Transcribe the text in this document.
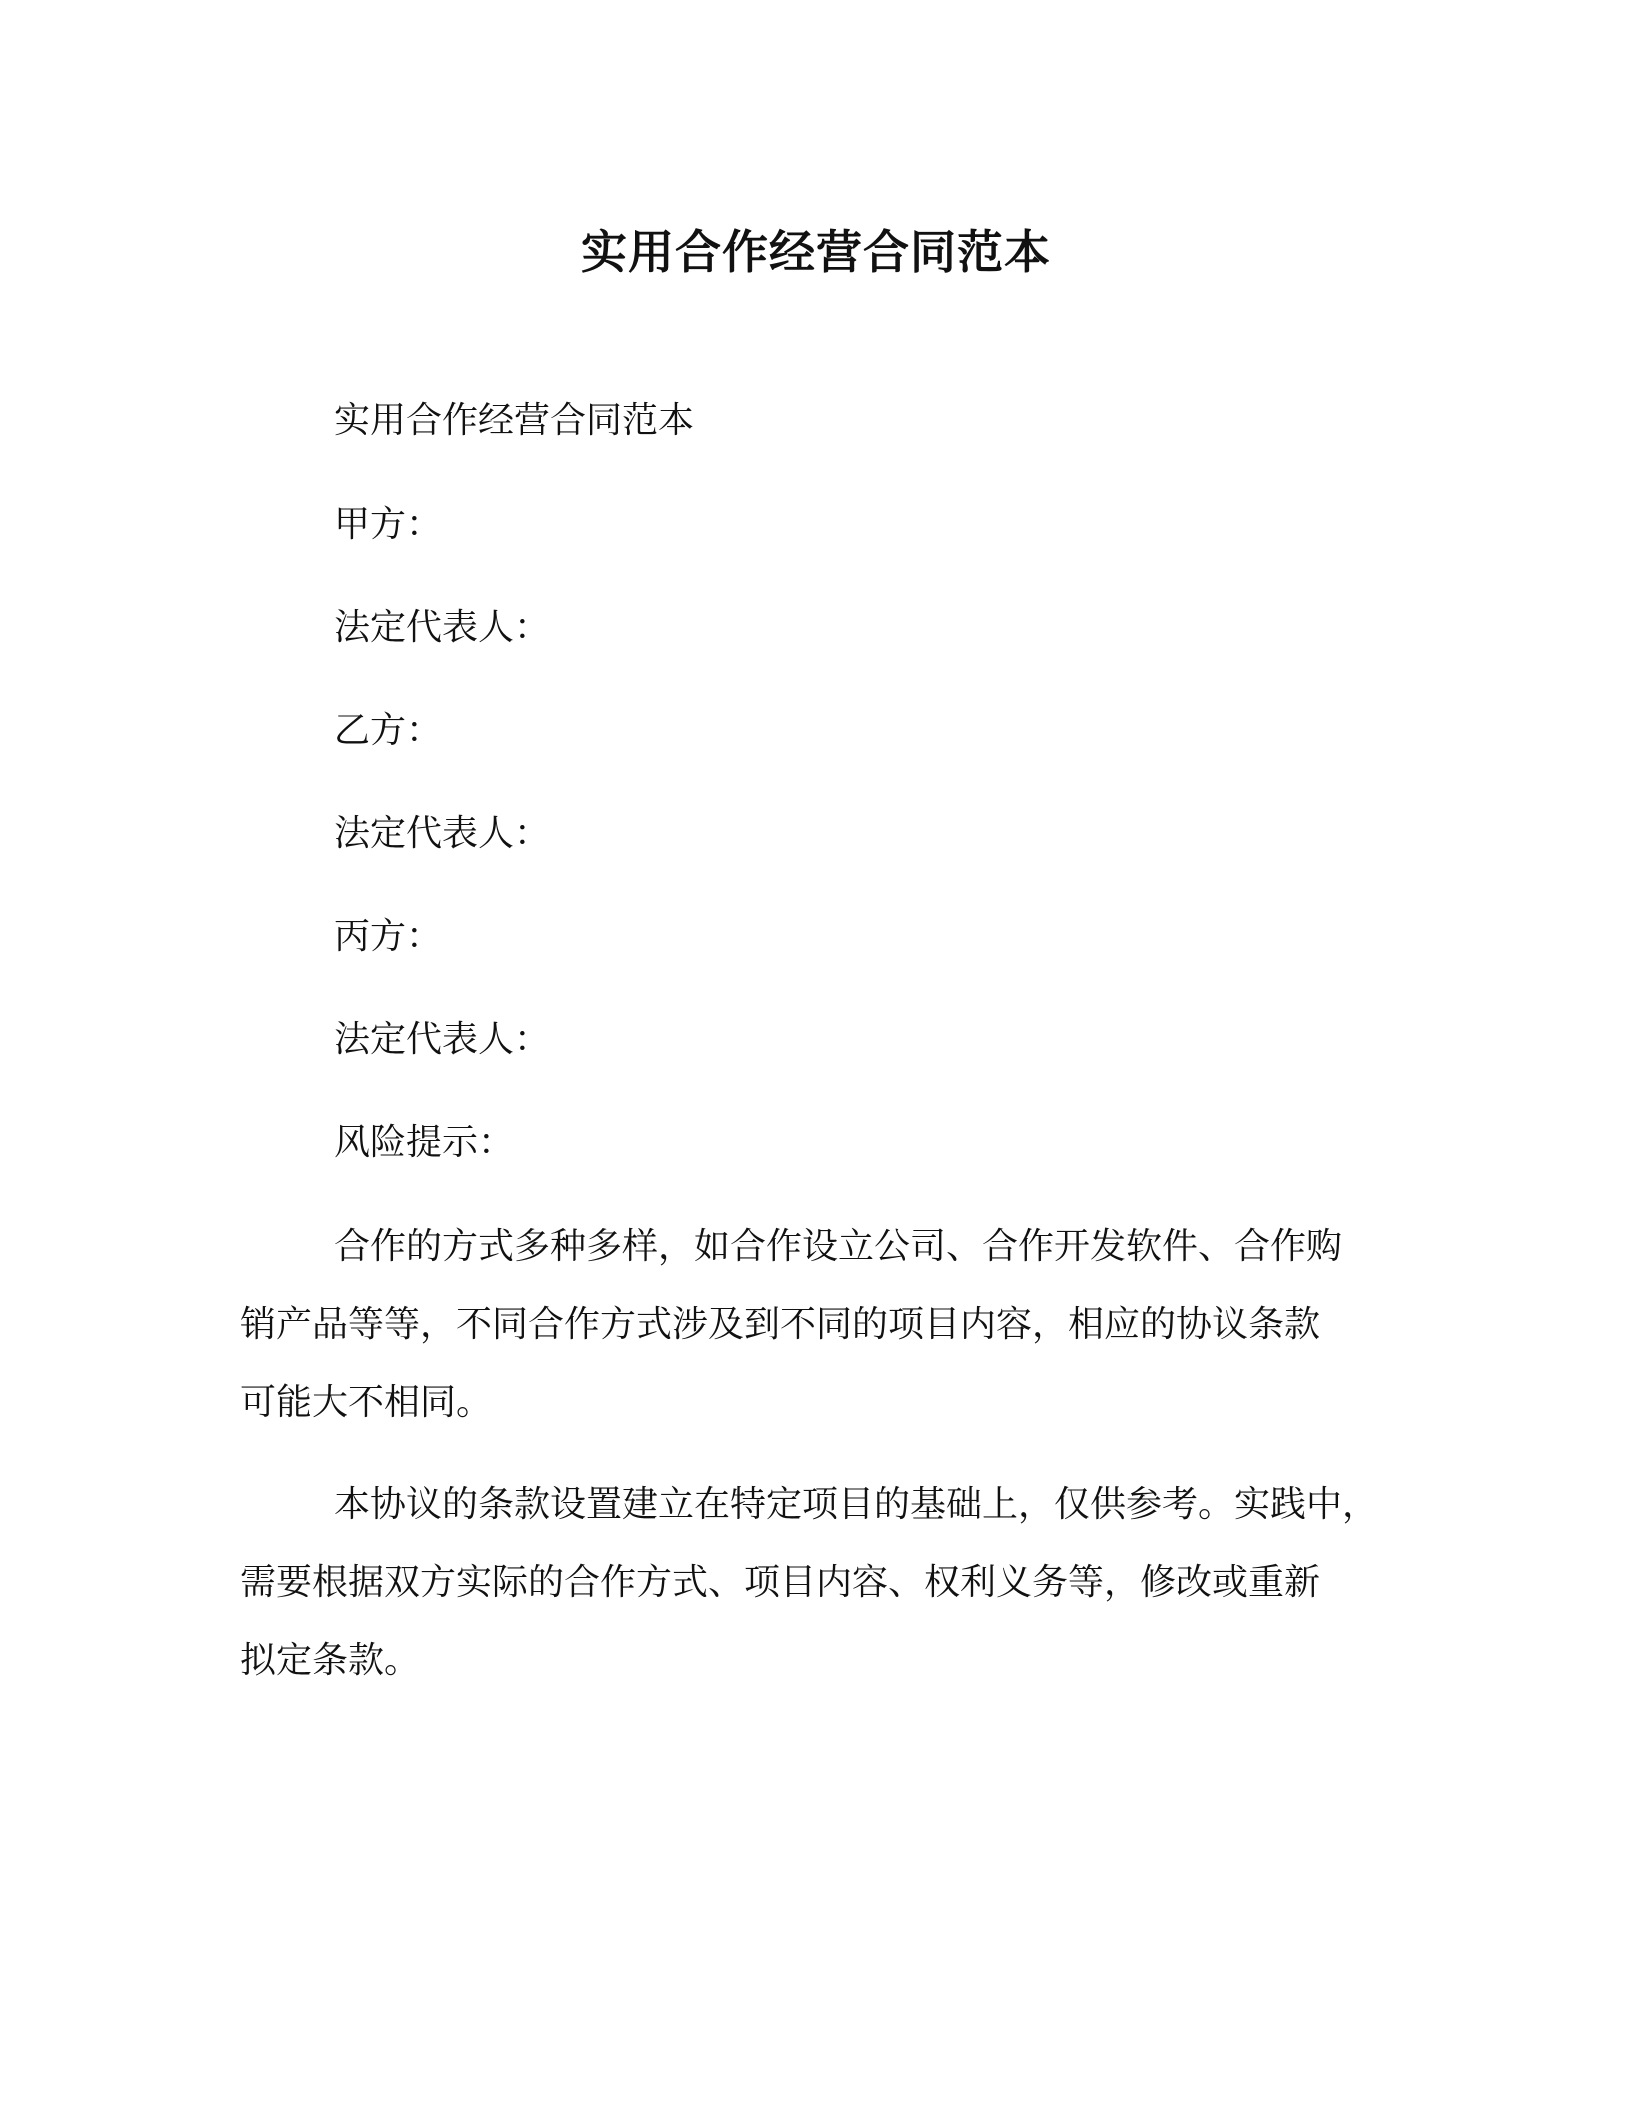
实用合作经营合同范本
实用合作经营合同范本
甲方：
法定代表人：
乙方：
法定代表人：
丙方：
法定代表人：
风险提示：
合作的方式多种多样，如合作设立公司、合作开发软件、合作购
销产品等等，不同合作方式涉及到不同的项目内容，相应的协议条款
可能大不相同。
本协议的条款设置建立在特定项目的基础上，仅供参考。实践中，
需要根据双方实际的合作方式、项目内容、权利义务等，修改或重新
拟定条款。
